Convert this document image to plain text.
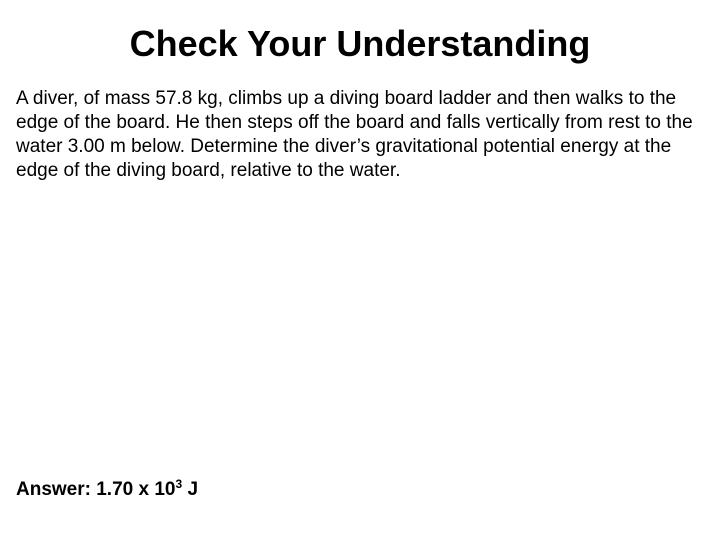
Check Your Understanding

A diver, of mass 57.8 kg, climbs up a diving board ladder and then walks to the edge of the board. He then steps off the board and falls vertically from rest to the water 3.00 m below. Determine the diver’s gravitational potential energy at the edge of the diving board, relative to the water.

Answer: 1.70 x $10^3$ J
